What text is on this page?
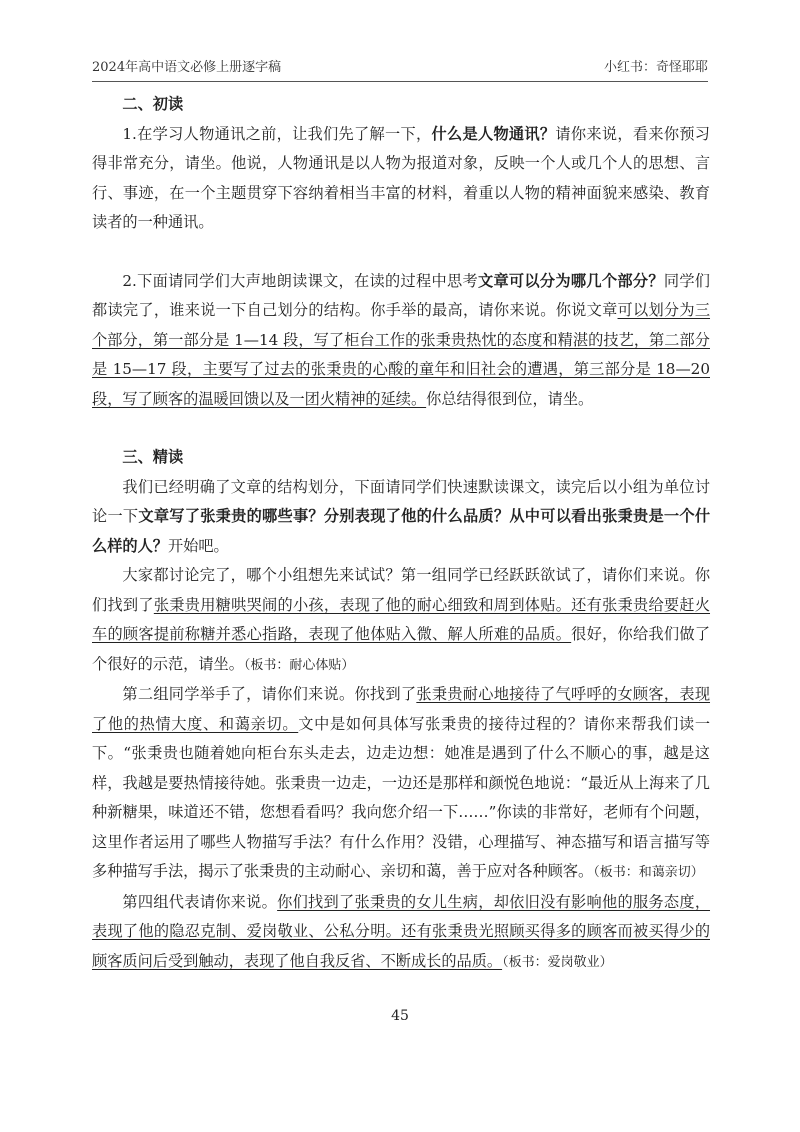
2024年高中语文必修上册逐字稿	小红书：奇怪耶耶

二、初读

1.在学习人物通讯之前，让我们先了解一下，什么是人物通讯？请你来说，看来你预习得非常充分，请坐。他说，人物通讯是以人物为报道对象，反映一个人或几个人的思想、言行、事迹，在一个主题贯穿下容纳着相当丰富的材料，着重以人物的精神面貌来感染、教育读者的一种通讯。

2.下面请同学们大声地朗读课文，在读的过程中思考文章可以分为哪几个部分？同学们都读完了，谁来说一下自己划分的结构。你手举的最高，请你来说。你说文章可以划分为三个部分，第一部分是 1—14 段，写了柜台工作的张秉贵热忱的态度和精湛的技艺，第二部分是 15—17 段，主要写了过去的张秉贵的心酸的童年和旧社会的遭遇，第三部分是 18—20 段，写了顾客的温暖回馈以及一团火精神的延续。你总结得很到位，请坐。

三、精读

我们已经明确了文章的结构划分，下面请同学们快速默读课文，读完后以小组为单位讨论一下文章写了张秉贵的哪些事？分别表现了他的什么品质？从中可以看出张秉贵是一个什么样的人？开始吧。

大家都讨论完了，哪个小组想先来试试？第一组同学已经跃跃欲试了，请你们来说。你们找到了张秉贵用糖哄哭闹的小孩，表现了他的耐心细致和周到体贴。还有张秉贵给要赶火车的顾客提前称糖并悉心指路，表现了他体贴入微、解人所难的品质。很好，你给我们做了个很好的示范，请坐。（板书：耐心体贴）

第二组同学举手了，请你们来说。你找到了张秉贵耐心地接待了气呼呼的女顾客，表现了他的热情大度、和蔼亲切。文中是如何具体写张秉贵的接待过程的？请你来帮我们读一下。“张秉贵也随着她向柜台东头走去，边走边想：她准是遇到了什么不顺心的事，越是这样，我越是要热情接待她。张秉贵一边走，一边还是那样和颜悦色地说：“最近从上海来了几种新糖果，味道还不错，您想看看吗？我向您介绍一下……”你读的非常好，老师有个问题，这里作者运用了哪些人物描写手法？有什么作用？没错，心理描写、神态描写和语言描写等多种描写手法，揭示了张秉贵的主动耐心、亲切和蔼，善于应对各种顾客。（板书：和蔼亲切）

第四组代表请你来说。你们找到了张秉贵的女儿生病，却依旧没有影响他的服务态度，表现了他的隐忍克制、爱岗敬业、公私分明。还有张秉贵光照顾买得多的顾客而被买得少的顾客质问后受到触动，表现了他自我反省、不断成长的品质。（板书：爱岗敬业）

45
